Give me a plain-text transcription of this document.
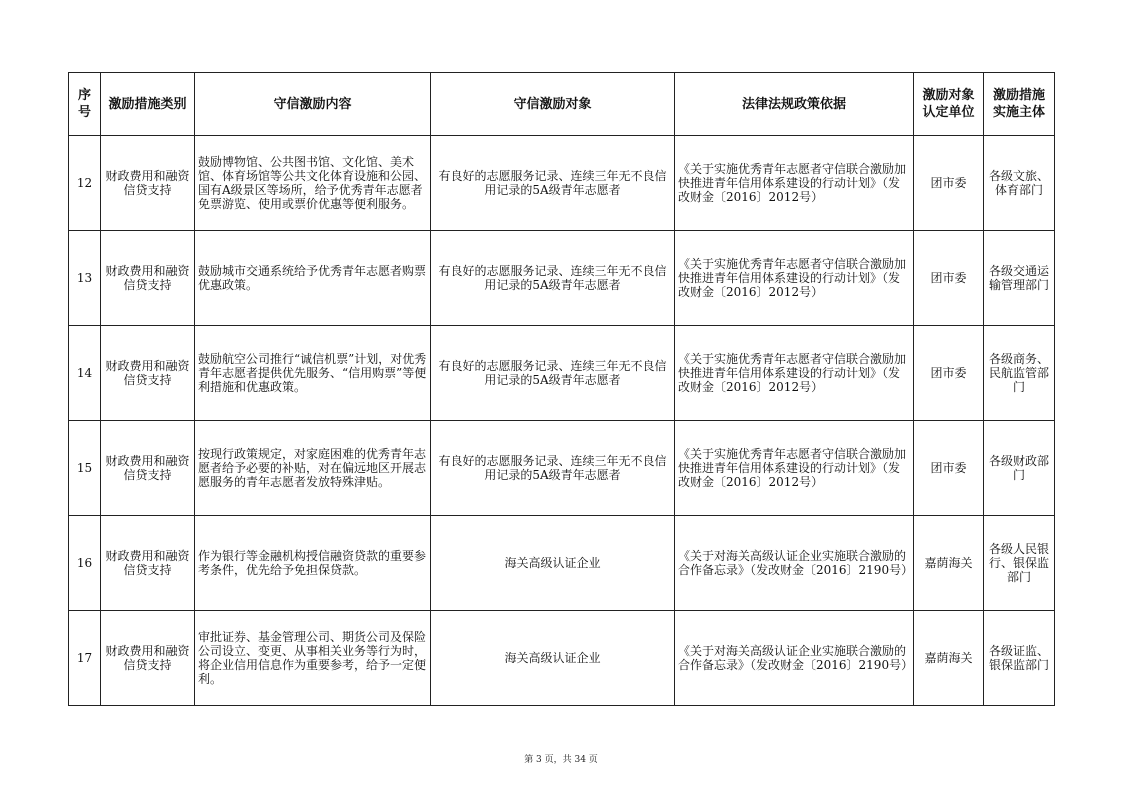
序号	激励措施类别	守信激励内容	守信激励对象	法律法规政策依据	激励对象认定单位	激励措施实施主体
12	财政费用和融资信贷支持	鼓励博物馆、公共图书馆、文化馆、美术馆、体育场馆等公共文化体育设施和公园、国有A级景区等场所，给予优秀青年志愿者免票游览、使用或票价优惠等便利服务。	有良好的志愿服务记录、连续三年无不良信用记录的5A级青年志愿者	《关于实施优秀青年志愿者守信联合激励加快推进青年信用体系建设的行动计划》（发改财金〔2016〕2012号）	团市委	各级文旅、体育部门
13	财政费用和融资信贷支持	鼓励城市交通系统给予优秀青年志愿者购票优惠政策。	有良好的志愿服务记录、连续三年无不良信用记录的5A级青年志愿者	《关于实施优秀青年志愿者守信联合激励加快推进青年信用体系建设的行动计划》（发改财金〔2016〕2012号）	团市委	各级交通运输管理部门
14	财政费用和融资信贷支持	鼓励航空公司推行“诚信机票”计划，对优秀青年志愿者提供优先服务、“信用购票”等便利措施和优惠政策。	有良好的志愿服务记录、连续三年无不良信用记录的5A级青年志愿者	《关于实施优秀青年志愿者守信联合激励加快推进青年信用体系建设的行动计划》（发改财金〔2016〕2012号）	团市委	各级商务、民航监管部门
15	财政费用和融资信贷支持	按现行政策规定，对家庭困难的优秀青年志愿者给予必要的补贴，对在偏远地区开展志愿服务的青年志愿者发放特殊津贴。	有良好的志愿服务记录、连续三年无不良信用记录的5A级青年志愿者	《关于实施优秀青年志愿者守信联合激励加快推进青年信用体系建设的行动计划》（发改财金〔2016〕2012号）	团市委	各级财政部门
16	财政费用和融资信贷支持	作为银行等金融机构授信融资贷款的重要参考条件，优先给予免担保贷款。	海关高级认证企业	《关于对海关高级认证企业实施联合激励的合作备忘录》（发改财金〔2016〕2190号）	嘉荫海关	各级人民银行、银保监部门
17	财政费用和融资信贷支持	审批证券、基金管理公司、期货公司及保险公司设立、变更、从事相关业务等行为时，将企业信用信息作为重要参考，给予一定便利。	海关高级认证企业	《关于对海关高级认证企业实施联合激励的合作备忘录》（发改财金〔2016〕2190号）	嘉荫海关	各级证监、银保监部门
第 3 页，共 34 页
